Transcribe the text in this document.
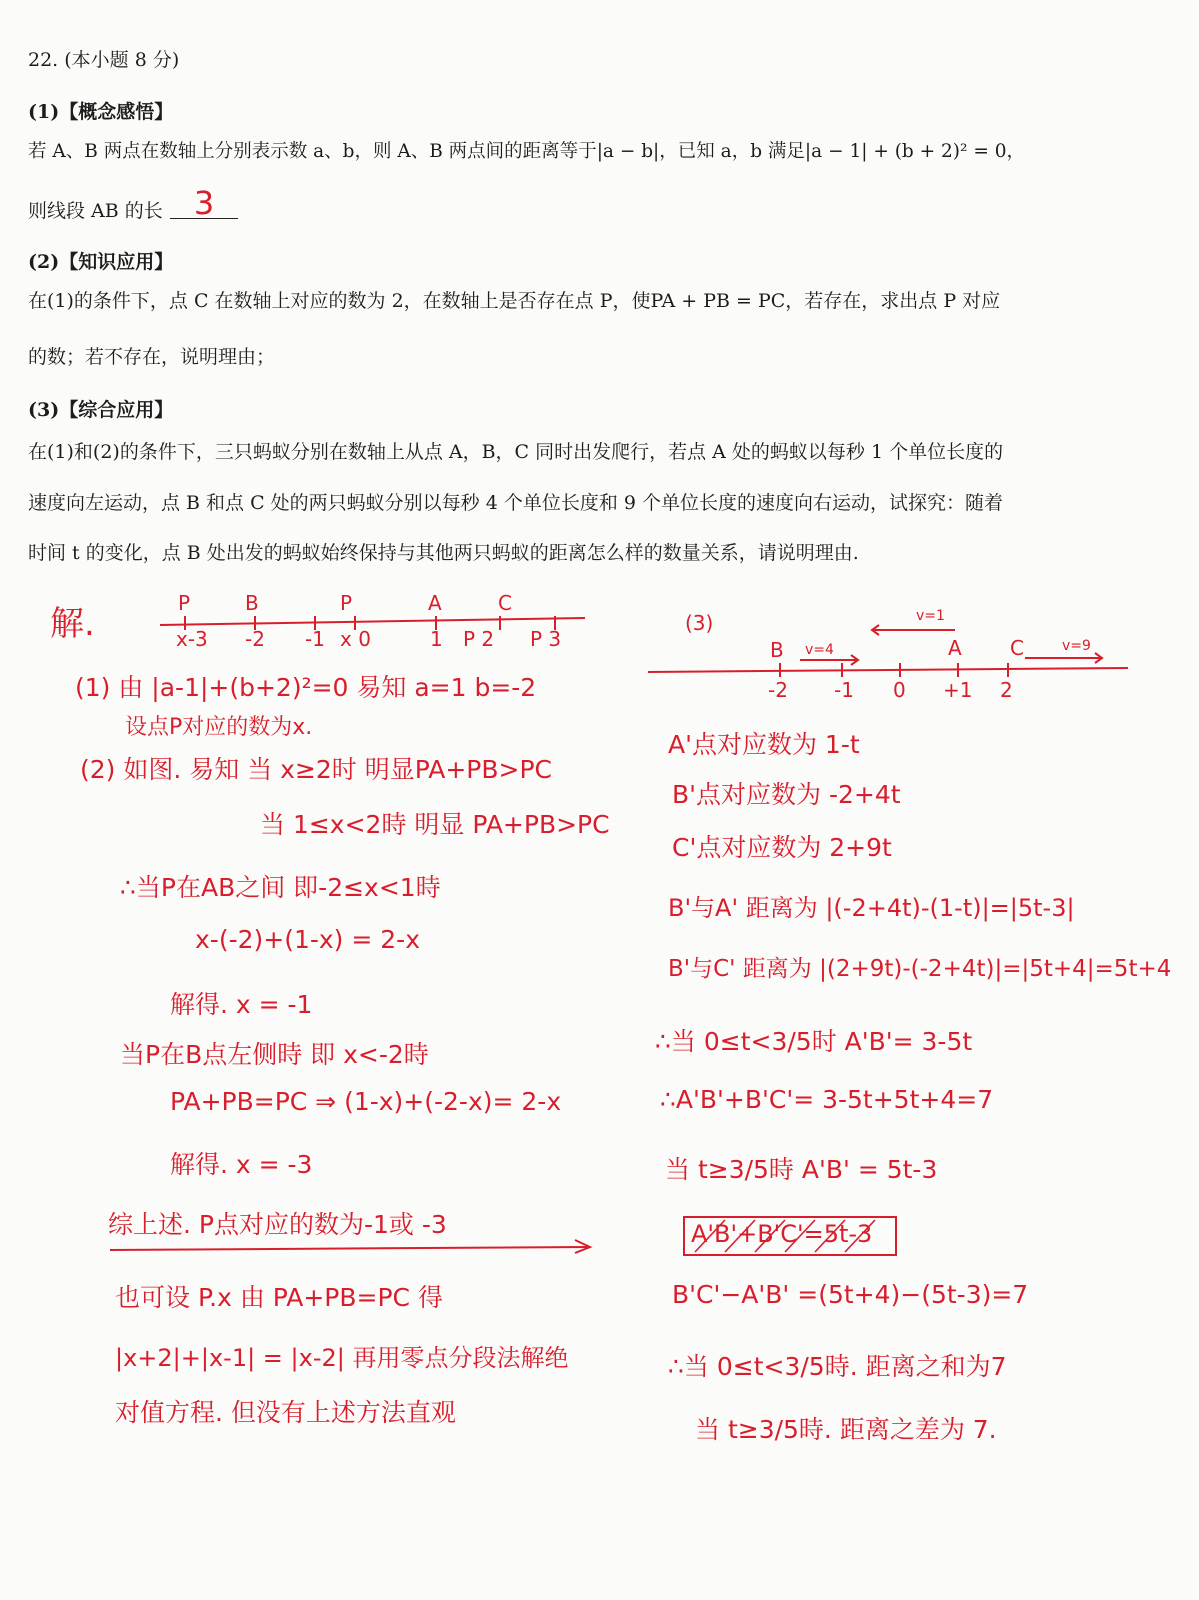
22. (本小题 8 分)
(1)【概念感悟】
若 A、B 两点在数轴上分别表示数 a、b，则 A、B 两点间的距离等于|a − b|，已知 a，b 满足|a − 1| + (b + 2)² = 0，
则线段 AB 的长 3
(2)【知识应用】
在(1)的条件下，点 C 在数轴上对应的数为 2，在数轴上是否存在点 P，使PA + PB = PC，若存在，求出点 P 对应
的数；若不存在，说明理由；
(3)【综合应用】
在(1)和(2)的条件下，三只蚂蚁分别在数轴上从点 A，B，C 同时出发爬行，若点 A 处的蚂蚁以每秒 1 个单位长度的
速度向左运动，点 B 和点 C 处的两只蚂蚁分别以每秒 4 个单位长度和 9 个单位长度的速度向右运动，试探究：随着
时间 t 的变化，点 B 处出发的蚂蚁始终保持与其他两只蚂蚁的距离怎么样的数量关系，请说明理由.
P	B	P	A	C
x-3 -2 -1 x 0	1 P 2 P 3
(3)
B	A C
-2 -1 0 +1 2
v=4
v=1
v=9
解.
(1) 由 |a-1|+(b+2)²=0 易知 a=1 b=-2
设点P对应的数为x.
(2) 如图. 易知 当 x≥2时 明显PA+PB>PC
当 1≤x<2時 明显 PA+PB>PC
∴当P在AB之间 即-2≤x<1時
x-(-2)+(1-x) = 2-x
解得. x = -1
当P在B点左侧時 即 x<-2時
PA+PB=PC ⇒ (1-x)+(-2-x)= 2-x
解得. x = -3
综上述. P点对应的数为-1或 -3
也可设 P.x 由 PA+PB=PC 得
|x+2|+|x-1| = |x-2| 再用零点分段法解绝
对值方程. 但没有上述方法直观
A'点对应数为 1-t
B'点对应数为 -2+4t
C'点对应数为 2+9t
B'与A' 距离为 |(-2+4t)-(1-t)|=|5t-3|
B'与C' 距离为 |(2+9t)-(-2+4t)|=|5t+4|=5t+4
∴当 0≤t<3/5时 A'B'= 3-5t
∴A'B'+B'C'= 3-5t+5t+4=7
当 t≥3/5時 A'B' = 5t-3
A'B'+B'C'=5t-3
B'C'−A'B' =(5t+4)−(5t-3)=7
∴当 0≤t<3/5時. 距离之和为7
当 t≥3/5時. 距离之差为 7.
